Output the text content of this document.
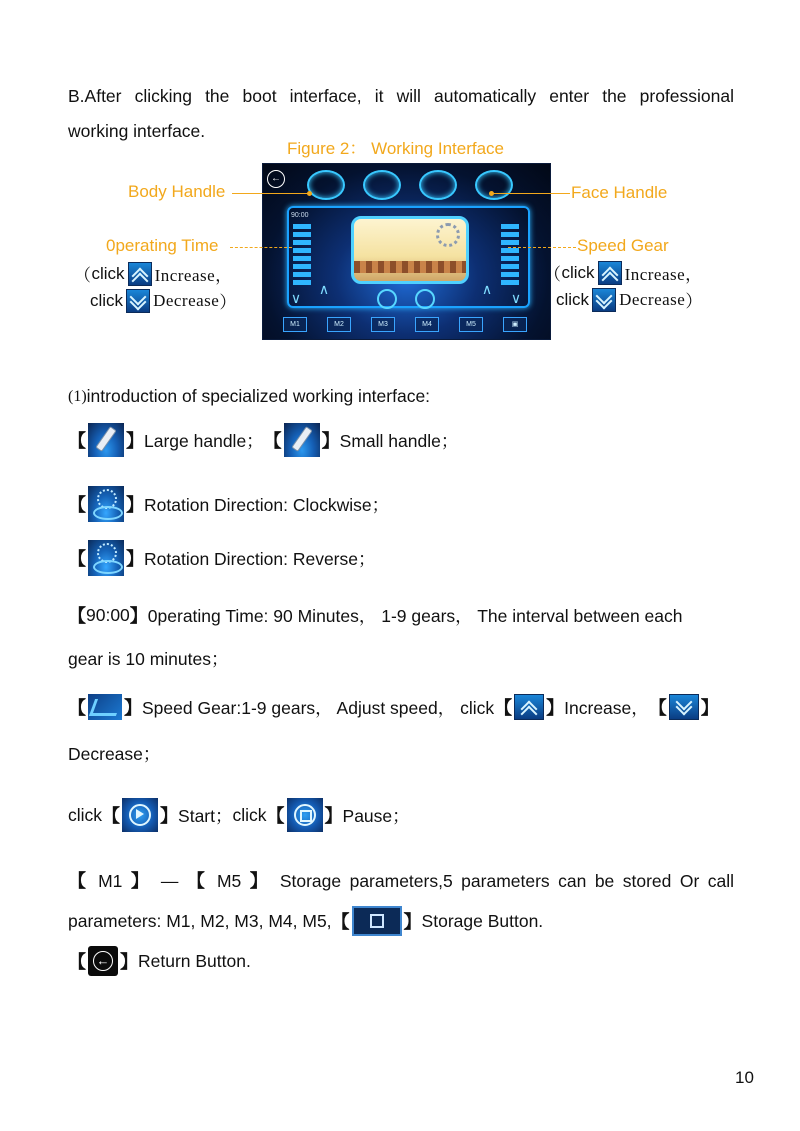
B.After clicking the boot interface, it will automatically enter the professional
working interface.
Figure 2： Working Interface
←
90:00
∨
∧	∧
∨
M1	M2	M3	M4	M5	▣
Body Handle	Face Handle
0perating Time	Speed Gear
（ click Increase，
click Decrease ）
（ click Increase，
click Decrease ）
(1) introduction of specialized working interface:
【 】 Large handle； 【 】 Small handle；
【 】 Rotation Direction: Clockwise；
【 】 Rotation Direction: Reverse；
【 90:00 】 0perating Time: 90 Minutes， 1-9 gears， The interval between each
gear is 10 minutes；
【 】 Speed Gear:1-9 gears， Adjust speed， click 【 】 Increase， 【 】
Decrease；
click 【 】 Start； click 【 】 Pause；
【 M1 】 — 【 M5 】 Storage parameters,5 parameters can be stored Or call
parameters: M1, M2, M3, M4, M5, 【	】 Storage Button.
【 ← 】 Return Button.
10
